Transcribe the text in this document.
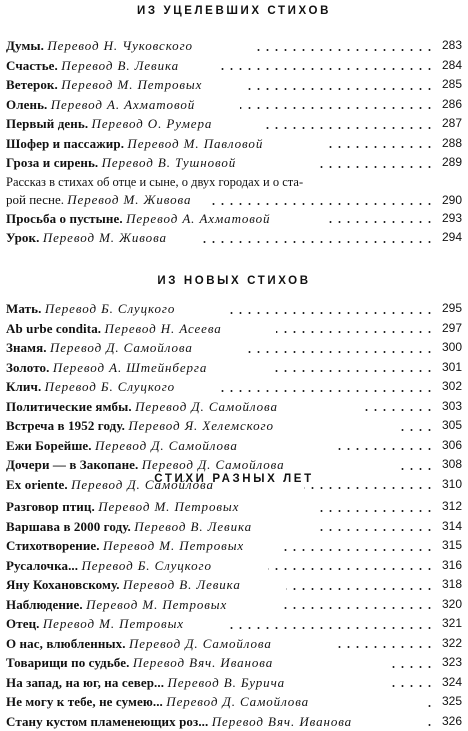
ИЗ УЦЕЛЕВШИХ СТИХОВ
Думы. Перевод Н. Чуковского	283
Счастье. Перевод В. Левика	284
Ветерок. Перевод М. Петровых	285
Олень. Перевод А. Ахматовой	286
Первый день. Перевод О. Румера	287
Шофер и пассажир. Перевод М. Павловой	288
Гроза и сирень. Перевод В. Тушновой	289
Рассказ в стихах об отце и сыне, о двух городах и о ста-
рой песне. Перевод М. Живова	290
Просьба о пустыне. Перевод А. Ахматовой	293
Урок. Перевод М. Живова	294
ИЗ НОВЫХ СТИХОВ
Мать. Перевод Б. Слуцкого	295
Ab urbe condita. Перевод Н. Асеева	297
Знамя. Перевод Д. Самойлова	300
Золото. Перевод А. Штейнберга	301
Клич. Перевод Б. Слуцкого	302
Политические ямбы. Перевод Д. Самойлова	303
Встреча в 1952 году. Перевод Я. Хелемского	305
Ежи Борейше. Перевод Д. Самойлова	306
Дочери — в Закопане. Перевод Д. Самойлова	308
Ex oriente. Перевод Д. Самойлова	310
СТИХИ РАЗНЫХ ЛЕТ
Разговор птиц. Перевод М. Петровых	312
Варшава в 2000 году. Перевод В. Левика	314
Стихотворение. Перевод М. Петровых	315
Русалочка... Перевод Б. Слуцкого	316
Яну Кохановскому. Перевод В. Левика	318
Наблюдение. Перевод М. Петровых	320
Отец. Перевод М. Петровых	321
О нас, влюбленных. Перевод Д. Самойлова	322
Товарищи по судьбе. Перевод Вяч. Иванова	323
На запад, на юг, на север... Перевод В. Бурича	324
Не могу к тебе, не сумею... Перевод Д. Самойлова	325
Стану кустом пламенеющих роз... Перевод Вяч. Иванова	326
